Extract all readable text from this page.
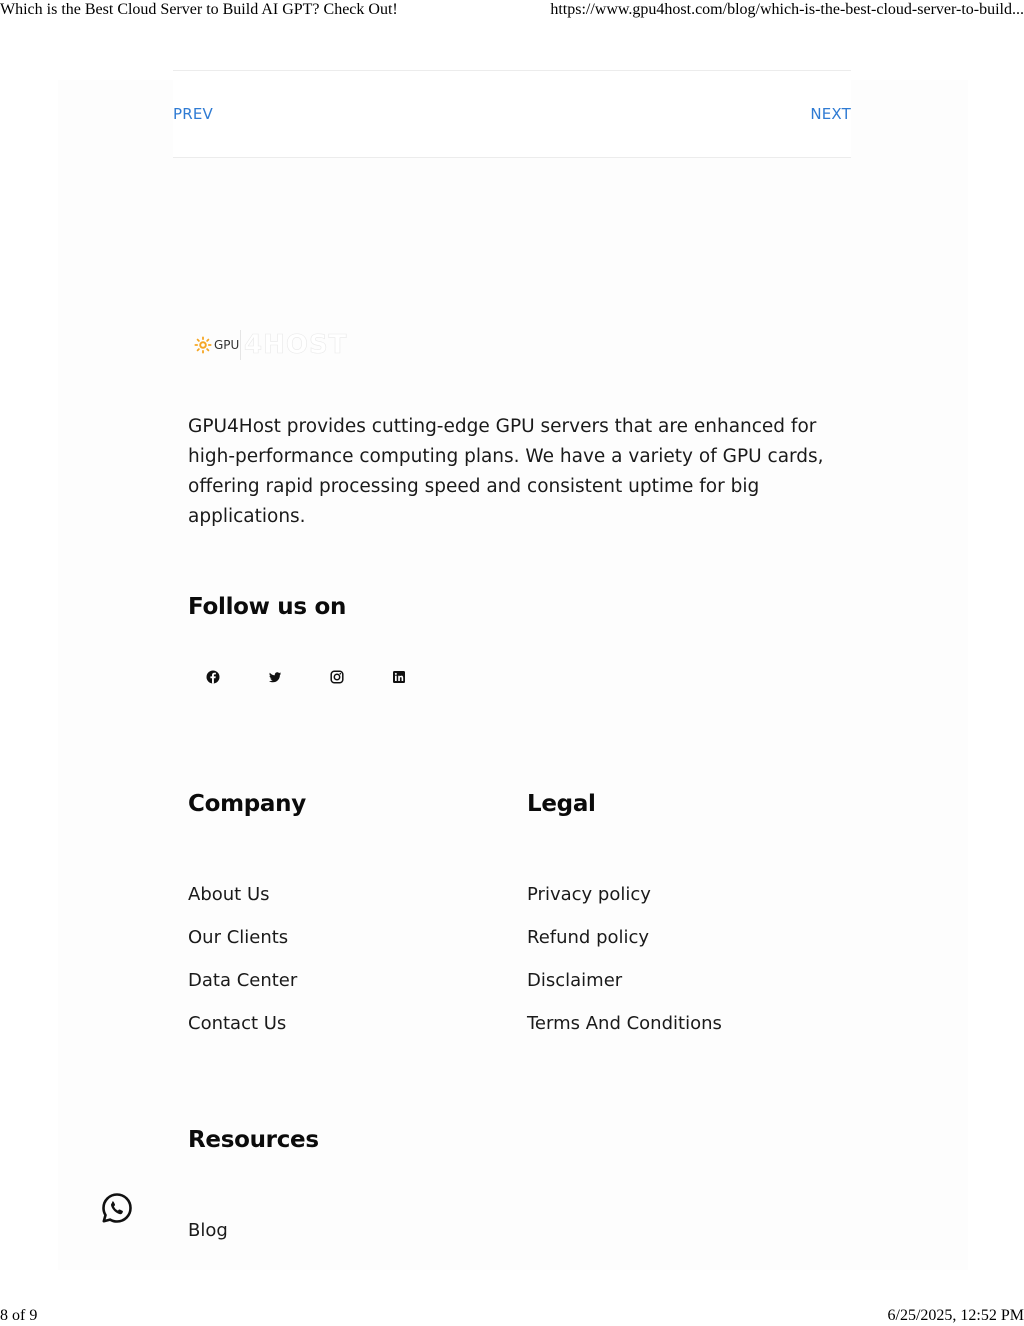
Which is the Best Cloud Server to Build AI GPT? Check Out!	https://www.gpu4host.com/blog/which-is-the-best-cloud-server-to-build...
PREV	NEXT
GPU 4HOST

GPU4Host provides cutting-edge GPU servers that are enhanced for high-performance computing plans. We have a variety of GPU cards, offering rapid processing speed and consistent uptime for big applications.

Follow us on
Company
About Us
Our Clients
Data Center
Contact Us
Legal
Privacy policy
Refund policy
Disclaimer
Terms And Conditions
Resources
Blog
8 of 9	6/25/2025, 12:52 PM
